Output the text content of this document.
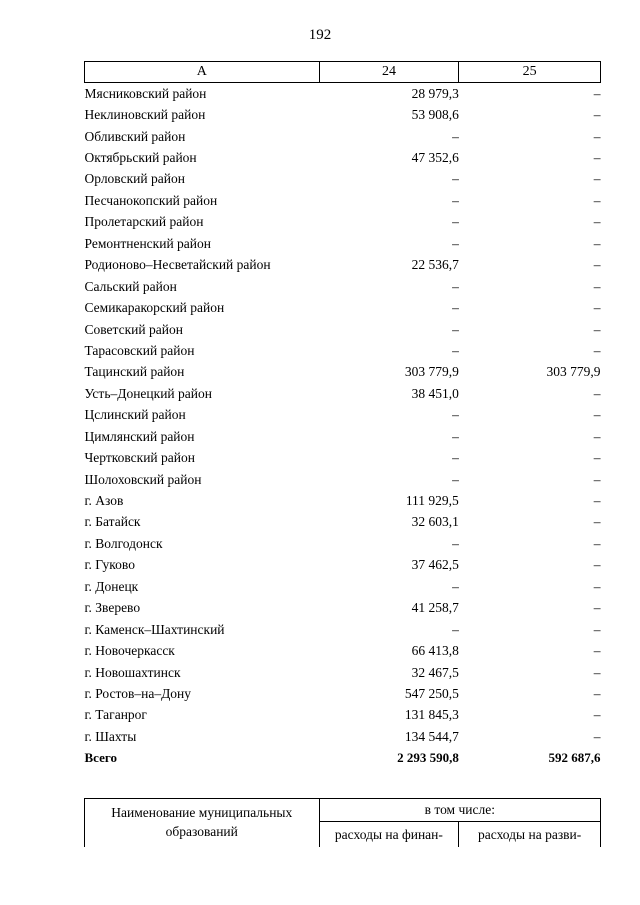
192
А	24	25
Мясниковский район	28 979,3	–
Неклиновский район	53 908,6	–
Обливский район	–	–
Октябрьский район	47 352,6	–
Орловский район	–	–
Песчанокопский район	–	–
Пролетарский район	–	–
Ремонтненский район	–	–
Родионово–Несветайский район	22 536,7	–
Сальский район	–	–
Семикаракорский район	–	–
Советский район	–	–
Тарасовский район	–	–
Тацинский район	303 779,9	303 779,9
Усть–Донецкий район	38 451,0	–
Цслинский район	–	–
Цимлянский район	–	–
Чертковский район	–	–
Шолоховский район	–	–
г. Азов	111 929,5	–
г. Батайск	32 603,1	–
г. Волгодонск	–	–
г. Гуково	37 462,5	–
г. Донецк	–	–
г. Зверево	41 258,7	–
г. Каменск–Шахтинский	–	–
г. Новочеркасск	66 413,8	–
г. Новошахтинск	32 467,5	–
г. Ростов–на–Дону	547 250,5	–
г. Таганрог	131 845,3	–
г. Шахты	134 544,7	–
Всего	2 293 590,8	592 687,6
Наименование муниципальных образований	в том числе:	
	расходы на финан-	расходы на разви-
